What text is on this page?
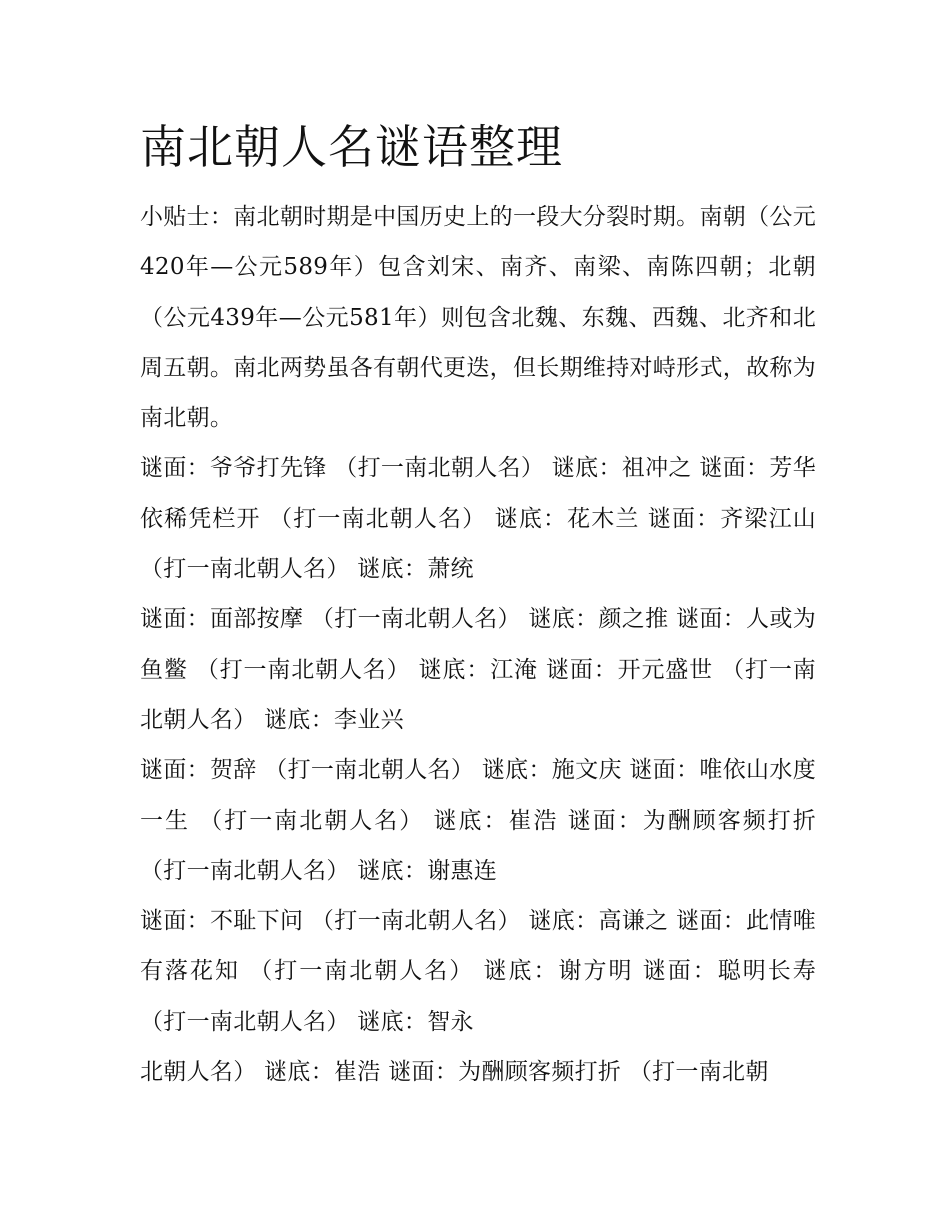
南北朝人名谜语整理

小贴士：南北朝时期是中国历史上的一段大分裂时期。南朝（公元420年—公元589年）包含刘宋、南齐、南梁、南陈四朝；北朝（公元439年—公元581年）则包含北魏、东魏、西魏、北齐和北周五朝。南北两势虽各有朝代更迭，但长期维持对峙形式，故称为南北朝。

谜面：爷爷打先锋 （打一南北朝人名） 谜底：祖冲之 谜面：芳华依稀凭栏开 （打一南北朝人名） 谜底：花木兰 谜面：齐梁江山 （打一南北朝人名） 谜底：萧统

谜面：面部按摩 （打一南北朝人名） 谜底：颜之推 谜面：人或为鱼鳖 （打一南北朝人名） 谜底：江淹 谜面：开元盛世 （打一南北朝人名） 谜底：李业兴

谜面：贺辞 （打一南北朝人名） 谜底：施文庆 谜面：唯依山水度一生 （打一南北朝人名） 谜底：崔浩 谜面：为酬顾客频打折 （打一南北朝人名） 谜底：谢惠连

谜面：不耻下问 （打一南北朝人名） 谜底：高谦之 谜面：此情唯有落花知 （打一南北朝人名） 谜底：谢方明 谜面：聪明长寿 （打一南北朝人名） 谜底：智永

北朝人名） 谜底：崔浩 谜面：为酬顾客频打折 （打一南北朝
